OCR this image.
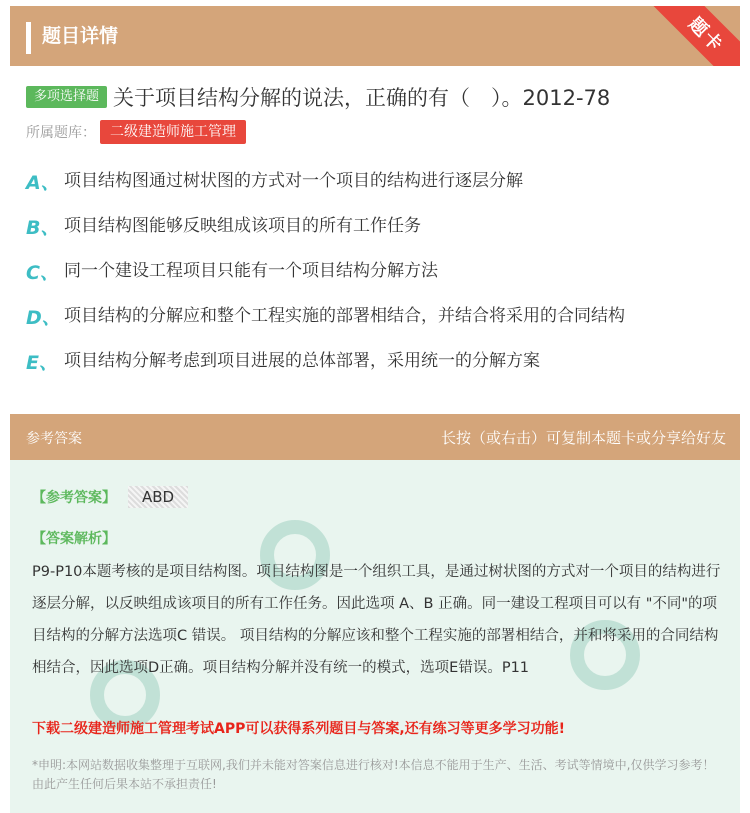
题目详情	题卡
多项选择题 关于项目结构分解的说法，正确的有（　）。2012-78
所属题库：	二级建造师施工管理
A、 项目结构图通过树状图的方式对一个项目的结构进行逐层分解
B、 项目结构图能够反映组成该项目的所有工作任务
C、 同一个建设工程项目只能有一个项目结构分解方法
D、 项目结构的分解应和整个工程实施的部署相结合，并结合将采用的合同结构
E、 项目结构分解考虑到项目进展的总体部署，采用统一的分解方案
参考答案	长按（或右击）可复制本题卡或分享给好友
【参考答案】	ABD
【答案解析】
P9-P10本题考核的是项目结构图。项目结构图是一个组织工具，是通过树状图的方式对一个项目的结构进行逐层分解，以反映组成该项目的所有工作任务。因此选项 A、B 正确。同一建设工程项目可以有 "不同"的项目结构的分解方法选项C 错误。 项目结构的分解应该和整个工程实施的部署相结合，并和将采用的合同结构相结合，因此选项D正确。项目结构分解并没有统一的模式，选项E错误。P11
下载二级建造师施工管理考试APP可以获得系列题目与答案,还有练习等更多学习功能!
*申明:本网站数据收集整理于互联网,我们并未能对答案信息进行核对!本信息不能用于生产、生活、考试等情境中,仅供学习参考！由此产生任何后果本站不承担责任!
